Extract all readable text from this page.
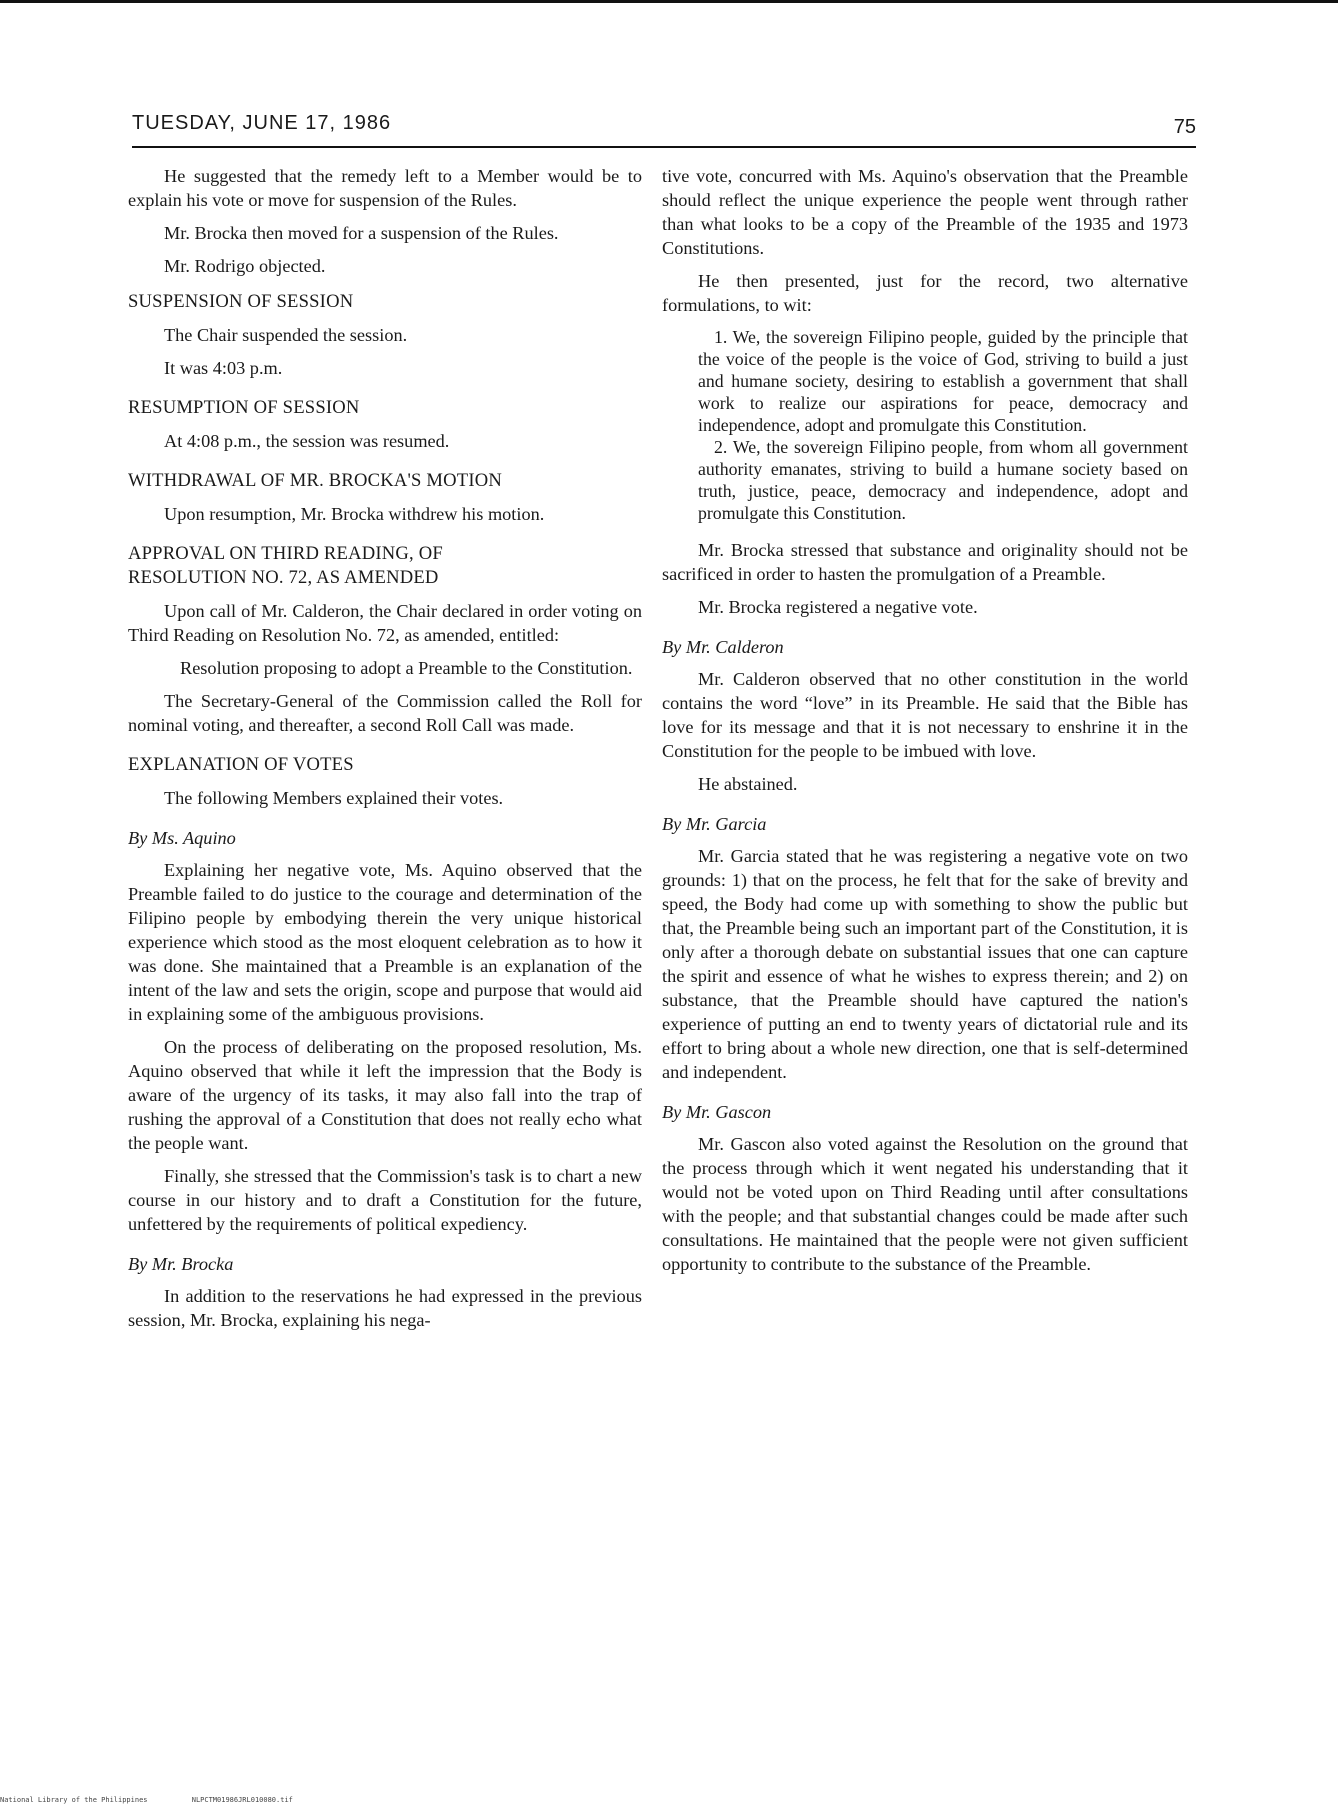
TUESDAY, JUNE 17, 1986	75

He suggested that the remedy left to a Member would be to explain his vote or move for suspension of the Rules.

Mr. Brocka then moved for a suspension of the Rules.

Mr. Rodrigo objected.

SUSPENSION OF SESSION

The Chair suspended the session.

It was 4:03 p.m.

RESUMPTION OF SESSION

At 4:08 p.m., the session was resumed.

WITHDRAWAL OF MR. BROCKA'S MOTION

Upon resumption, Mr. Brocka withdrew his motion.

APPROVAL ON THIRD READING, OF
RESOLUTION NO. 72, AS AMENDED

Upon call of Mr. Calderon, the Chair declared in order voting on Third Reading on Resolution No. 72, as amended, entitled:

Resolution proposing to adopt a Preamble to the Constitution.

The Secretary-General of the Commission called the Roll for nominal voting, and thereafter, a second Roll Call was made.

EXPLANATION OF VOTES

The following Members explained their votes.

By Ms. Aquino

Explaining her negative vote, Ms. Aquino observed that the Preamble failed to do justice to the courage and determination of the Filipino people by embodying therein the very unique historical experience which stood as the most eloquent celebration as to how it was done. She maintained that a Preamble is an explanation of the intent of the law and sets the origin, scope and purpose that would aid in explaining some of the ambiguous provisions.

On the process of deliberating on the proposed resolution, Ms. Aquino observed that while it left the impression that the Body is aware of the urgency of its tasks, it may also fall into the trap of rushing the approval of a Constitution that does not really echo what the people want.

Finally, she stressed that the Commission's task is to chart a new course in our history and to draft a Constitution for the future, unfettered by the requirements of political expediency.

By Mr. Brocka

In addition to the reservations he had expressed in the previous session, Mr. Brocka, explaining his nega-

tive vote, concurred with Ms. Aquino's observation that the Preamble should reflect the unique experience the people went through rather than what looks to be a copy of the Preamble of the 1935 and 1973 Constitutions.

He then presented, just for the record, two alternative formulations, to wit:

1. We, the sovereign Filipino people, guided by the principle that the voice of the people is the voice of God, striving to build a just and humane society, desiring to establish a government that shall work to realize our aspirations for peace, democracy and independence, adopt and promulgate this Constitution.

2. We, the sovereign Filipino people, from whom all government authority emanates, striving to build a humane society based on truth, justice, peace, democracy and independence, adopt and promulgate this Constitution.

Mr. Brocka stressed that substance and originality should not be sacrificed in order to hasten the promulgation of a Preamble.

Mr. Brocka registered a negative vote.

By Mr. Calderon

Mr. Calderon observed that no other constitution in the world contains the word “love” in its Preamble. He said that the Bible has love for its message and that it is not necessary to enshrine it in the Constitution for the people to be imbued with love.

He abstained.

By Mr. Garcia

Mr. Garcia stated that he was registering a negative vote on two grounds: 1) that on the process, he felt that for the sake of brevity and speed, the Body had come up with something to show the public but that, the Preamble being such an important part of the Constitution, it is only after a thorough debate on substantial issues that one can capture the spirit and essence of what he wishes to express therein; and 2) on substance, that the Preamble should have captured the nation's experience of putting an end to twenty years of dictatorial rule and its effort to bring about a whole new direction, one that is self-determined and independent.

By Mr. Gascon

Mr. Gascon also voted against the Resolution on the ground that the process through which it went negated his understanding that it would not be voted upon on Third Reading until after consultations with the people; and that substantial changes could be made after such consultations. He maintained that the people were not given sufficient opportunity to contribute to the substance of the Preamble.

National Library of the Philippines	NLPCTM01986JRL010080.tif
